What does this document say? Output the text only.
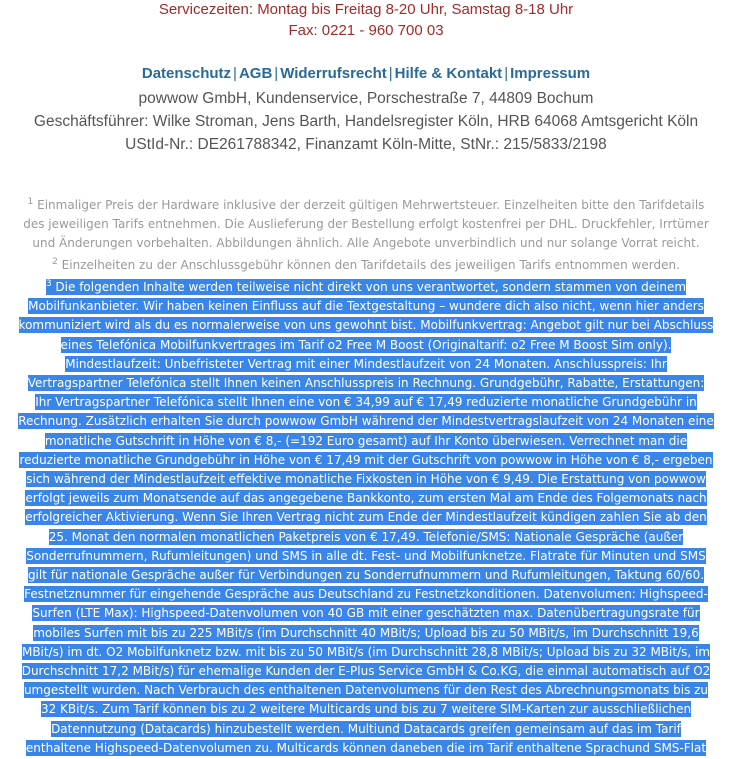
Servicezeiten: Montag bis Freitag 8-20 Uhr, Samstag 8-18 Uhr
Fax: 0221 - 960 700 03
Datenschutz | AGB | Widerrufsrecht | Hilfe & Kontakt | Impressum
powwow GmbH, Kundenservice, Porschestraße 7, 44809 Bochum
Geschäftsführer: Wilke Stroman, Jens Barth, Handelsregister Köln, HRB 64068 Amtsgericht Köln
UStId-Nr.: DE261788342, Finanzamt Köln-Mitte, StNr.: 215/5833/2198
$^1$ Einmaliger Preis der Hardware inklusive der derzeit gültigen Mehrwertsteuer. Einzelheiten bitte den Tarifdetails des jeweiligen Tarifs entnehmen. Die Auslieferung der Bestellung erfolgt kostenfrei per DHL. Druckfehler, Irrtümer und Änderungen vorbehalten. Abbildungen ähnlich. Alle Angebote unverbindlich und nur solange Vorrat reicht.
$^2$ Einzelheiten zu der Anschlussgebühr können den Tarifdetails des jeweiligen Tarifs entnommen werden.
$^3$ Die folgenden Inhalte werden teilweise nicht direkt von uns verantwortet, sondern stammen von deinem Mobilfunkanbieter. Wir haben keinen Einfluss auf die Textgestaltung – wundere dich also nicht, wenn hier anders kommuniziert wird als du es normalerweise von uns gewohnt bist. Mobilfunkvertrag: Angebot gilt nur bei Abschluss eines Telefónica Mobilfunkvertrages im Tarif o2 Free M Boost (Originaltarif: o2 Free M Boost Sim only). Mindestlaufzeit: Unbefristeter Vertrag mit einer Mindestlaufzeit von 24 Monaten. Anschlusspreis: Ihr Vertragspartner Telefónica stellt Ihnen keinen Anschlusspreis in Rechnung. Grundgebühr, Rabatte, Erstattungen: Ihr Vertragspartner Telefónica stellt Ihnen eine von € 34,99 auf € 17,49 reduzierte monatliche Grundgebühr in Rechnung. Zusätzlich erhalten Sie durch powwow GmbH während der Mindestvertragslaufzeit von 24 Monaten eine monatliche Gutschrift in Höhe von € 8,- (=192 Euro gesamt) auf Ihr Konto überwiesen. Verrechnet man die reduzierte monatliche Grundgebühr in Höhe von € 17,49 mit der Gutschrift von powwow in Höhe von € 8,- ergeben sich während der Mindestlaufzeit effektive monatliche Fixkosten in Höhe von € 9,49. Die Erstattung von powwow erfolgt jeweils zum Monatsende auf das angegebene Bankkonto, zum ersten Mal am Ende des Folgemonats nach erfolgreicher Aktivierung. Wenn Sie Ihren Vertrag nicht zum Ende der Mindestlaufzeit kündigen zahlen Sie ab den 25. Monat den normalen monatlichen Paketpreis von € 17,49. Telefonie/SMS: Nationale Gespräche (außer Sonderrufnummern, Rufumleitungen) und SMS in alle dt. Fest- und Mobilfunknetze. Flatrate für Minuten und SMS gilt für nationale Gespräche außer für Verbindungen zu Sonderrufnummern und Rufumleitungen, Taktung 60/60. Festnetznummer für eingehende Gespräche aus Deutschland zu Festnetzkonditionen. Datenvolumen: Highspeed-Surfen (LTE Max): Highspeed-Datenvolumen von 40 GB mit einer geschätzten max. Datenübertragungsrate für mobiles Surfen mit bis zu 225 MBit/s (im Durchschnitt 40 MBit/s; Upload bis zu 50 MBit/s, im Durchschnitt 19,6 MBit/s) im dt. O2 Mobilfunknetz bzw. mit bis zu 50 MBit/s (im Durchschnitt 28,8 MBit/s; Upload bis zu 32 MBit/s, im Durchschnitt 17,2 MBit/s) für ehemalige Kunden der E-Plus Service GmbH & Co.KG, die einmal automatisch auf O2 umgestellt wurden. Nach Verbrauch des enthaltenen Datenvolumens für den Rest des Abrechnungsmonats bis zu 32 KBit/s. Zum Tarif können bis zu 2 weitere Multicards und bis zu 7 weitere SIM-Karten zur ausschließlichen Datennutzung (Datacards) hinzubestellt werden. Multiund Datacards greifen gemeinsam auf das im Tarif enthaltene Highspeed-Datenvolumen zu. Multicards können daneben die im Tarif enthaltene Sprachund SMS-Flat
